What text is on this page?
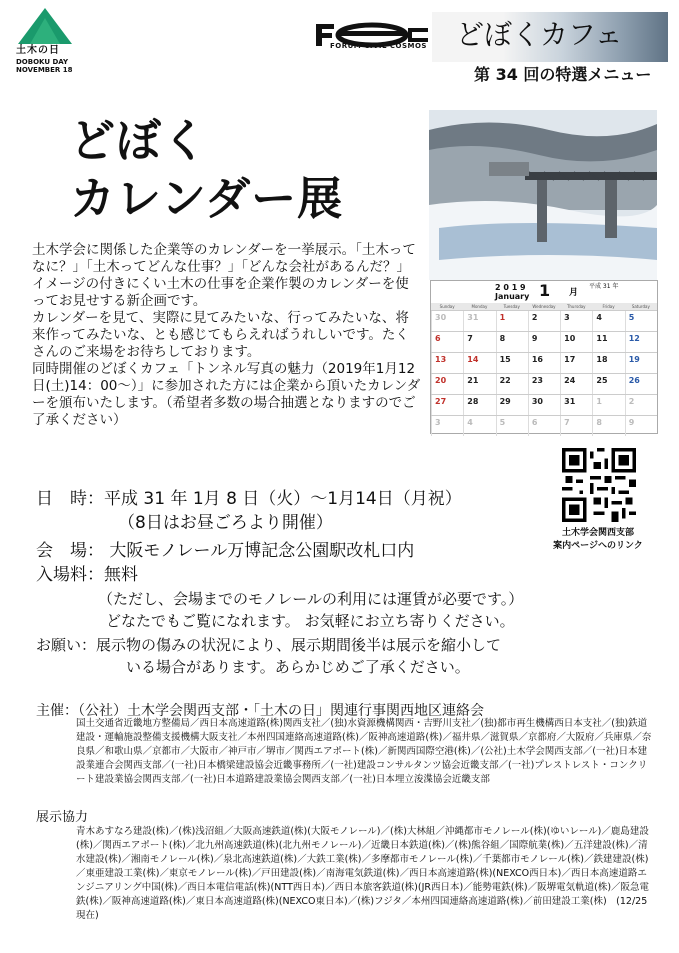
土木の日
DOBOKU DAY
NOVEMBER 18
FORUM CIVIL COSMOS どぼくカフェ
第 34 回の特選メニュー
どぼく
カレンダー展
2 0 1 9
January 1 月
平成 31 年
Sunday	Monday	Tuesday	Wednesday	Thursday	Friday	Saturday
30	31	1	2	3	4	5
6	7	8	9	10	11	12
13	14	15	16	17	18	19
20	21	22	23	24	25	26
27	28	29	30	31	1	2
3	4	5	6	7	8	9

土木学会に関係した企業等のカレンダーを一挙展示。「土木ってなに？」「土木ってどんな仕事？」「どんな会社があるんだ？」イメージの付きにくい土木の仕事を企業作製のカレンダーを使ってお見せする新企画です。

カレンダーを見て、実際に見てみたいな、行ってみたいな、将来作ってみたいな、とも感じてもらえればうれしいです。たくさんのご来場をお待ちしております。

同時開催のどぼくカフェ「トンネル写真の魅力（2019年1月12日(土)14：00～）」に参加された方には企業から頂いたカレンダーを頒布いたします。（希望者多数の場合抽選となりますのでご了承ください）

土木学会関西支部
案内ページへのリンク
日　時：平成 31 年 1月 8 日（火）～1月14日（月祝）
（8日はお昼ごろより開催）
会　場： 大阪モノレール万博記念公園駅改札口内
入場料：無料
（ただし、会場までのモノレールの利用には運賃が必要です。）
どなたでもご覧になれます。 お気軽にお立ち寄りください。
お願い：展示物の傷みの状況により、展示期間後半は展示を縮小して
いる場合があります。あらかじめご了承ください。
主催：（公社）土木学会関西支部・「土木の日」関連行事関西地区連絡会
国土交通省近畿地方整備局／西日本高速道路(株)関西支社／(独)水資源機構関西・吉野川支社／(独)都市再生機構西日本支社／(独)鉄道建設・運輸施設整備支援機構大阪支社／本州四国連絡高速道路(株)／阪神高速道路(株)／福井県／滋賀県／京都府／大阪府／兵庫県／奈良県／和歌山県／京都市／大阪市／神戸市／堺市／関西エアポート(株)／新関西国際空港(株)／(公社)土木学会関西支部／(一社)日本建設業連合会関西支部／(一社)日本橋梁建設協会近畿事務所／(一社)建設コンサルタンツ協会近畿支部／(一社)プレストレスト・コンクリート建設業協会関西支部／(一社)日本道路建設業協会関西支部／(一社)日本埋立浚渫協会近畿支部
展示協力
青木あすなろ建設(株)／(株)浅沼組／大阪高速鉄道(株)(大阪モノレール)／(株)大林組／沖縄都市モノレール(株)(ゆいレール)／鹿島建設(株)／関西エアポート(株)／北九州高速鉄道(株)(北九州モノレール)／近畿日本鉄道(株)／(株)熊谷組／国際航業(株)／五洋建設(株)／清水建設(株)／湘南モノレール(株)／泉北高速鉄道(株)／大鉄工業(株)／多摩都市モノレール(株)／千葉都市モノレール(株)／鉄建建設(株)／東亜建設工業(株)／東京モノレール(株)／戸田建設(株)／南海電気鉄道(株)／西日本高速道路(株)(NEXCO西日本)／西日本高速道路エンジニアリング中国(株)／西日本電信電話(株)(NTT西日本)／西日本旅客鉄道(株)(JR西日本)／能勢電鉄(株)／阪堺電気軌道(株)／阪急電鉄(株)／阪神高速道路(株)／東日本高速道路(株)(NEXCO東日本)／(株)フジタ／本州四国連絡高速道路(株)／前田建設工業(株)　(12/25現在)
